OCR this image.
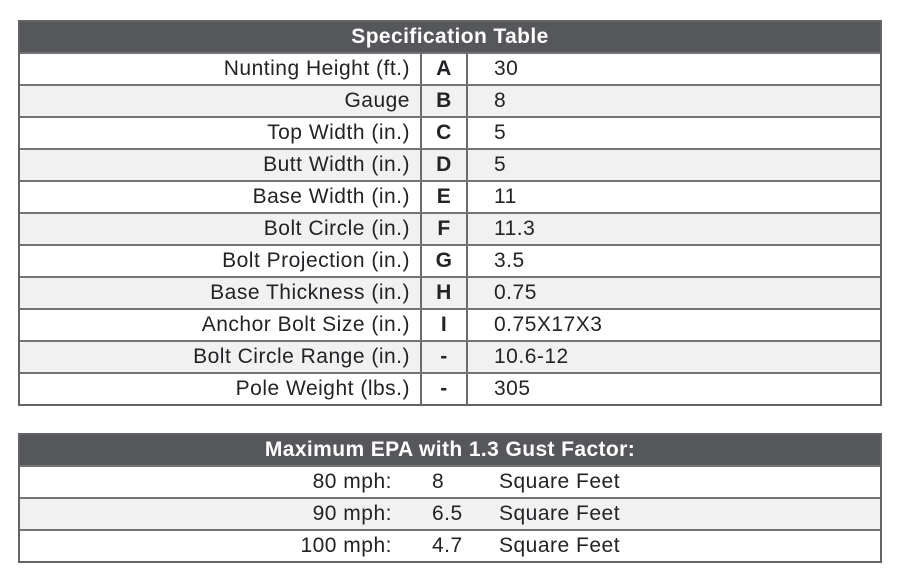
Specification Table
Nunting Height (ft.)	A	30
Gauge	B	8
Top Width (in.)	C	5
Butt Width (in.)	D	5
Base Width (in.)	E	11
Bolt Circle (in.)	F	11.3
Bolt Projection (in.)	G	3.5
Base Thickness (in.)	H	0.75
Anchor Bolt Size (in.)	I	0.75X17X3
Bolt Circle Range (in.)	-	10.6-12
Pole Weight (lbs.)	-	305
Maximum EPA with 1.3 Gust Factor:
80 mph:	8	Square Feet
90 mph:	6.5	Square Feet
100 mph:	4.7	Square Feet
